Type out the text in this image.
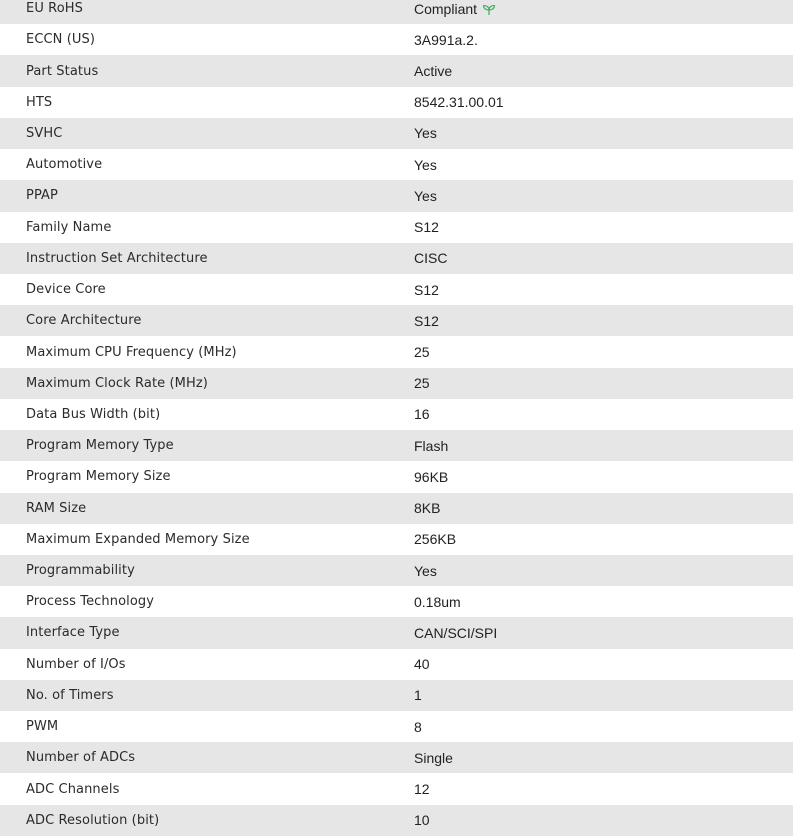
EU RoHS	Compliant
ECCN (US)	3A991a.2.
Part Status	Active
HTS	8542.31.00.01
SVHC	Yes
Automotive	Yes
PPAP	Yes
Family Name	S12
Instruction Set Architecture	CISC
Device Core	S12
Core Architecture	S12
Maximum CPU Frequency (MHz)	25
Maximum Clock Rate (MHz)	25
Data Bus Width (bit)	16
Program Memory Type	Flash
Program Memory Size	96KB
RAM Size	8KB
Maximum Expanded Memory Size	256KB
Programmability	Yes
Process Technology	0.18um
Interface Type	CAN/SCI/SPI
Number of I/Os	40
No. of Timers	1
PWM	8
Number of ADCs	Single
ADC Channels	12
ADC Resolution (bit)	10
